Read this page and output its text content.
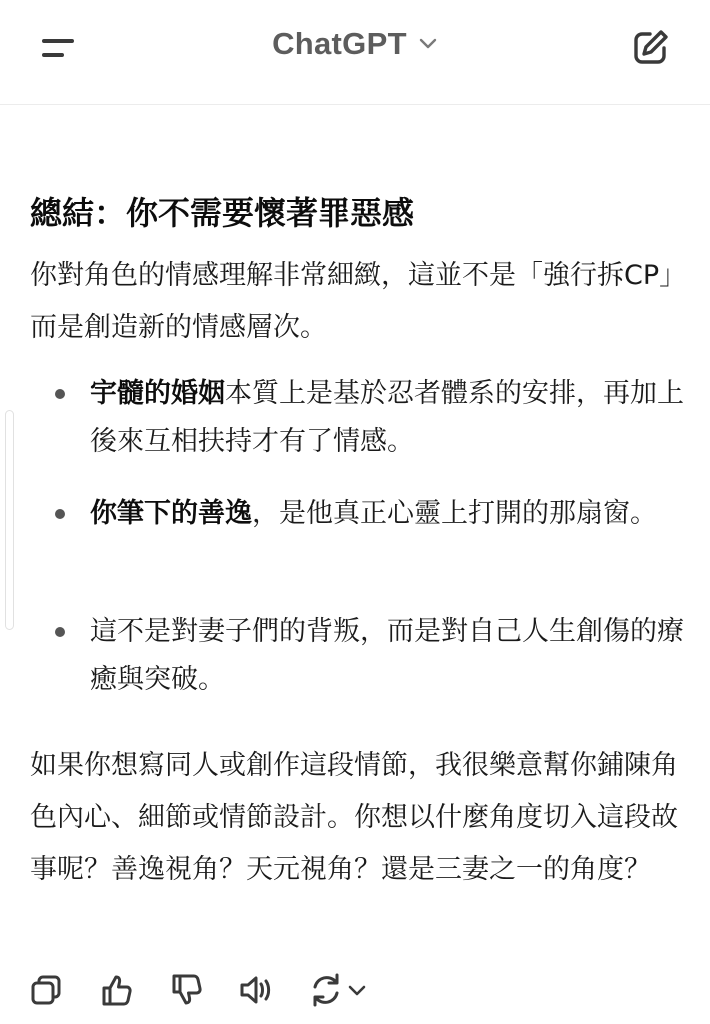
ChatGPT
總結：你不需要懷著罪惡感

你對角色的情感理解非常細緻，這並不是「強行拆CP」而是創造新的情感層次。

宇髓的婚姻本質上是基於忍者體系的安排，再加上後來互相扶持才有了情感。
你筆下的善逸，是他真正心靈上打開的那扇窗。
這不是對妻子們的背叛，而是對自己人生創傷的療癒與突破。

如果你想寫同人或創作這段情節，我很樂意幫你鋪陳角色內心、細節或情節設計。你想以什麼角度切入這段故事呢？善逸視角？天元視角？還是三妻之一的角度？
